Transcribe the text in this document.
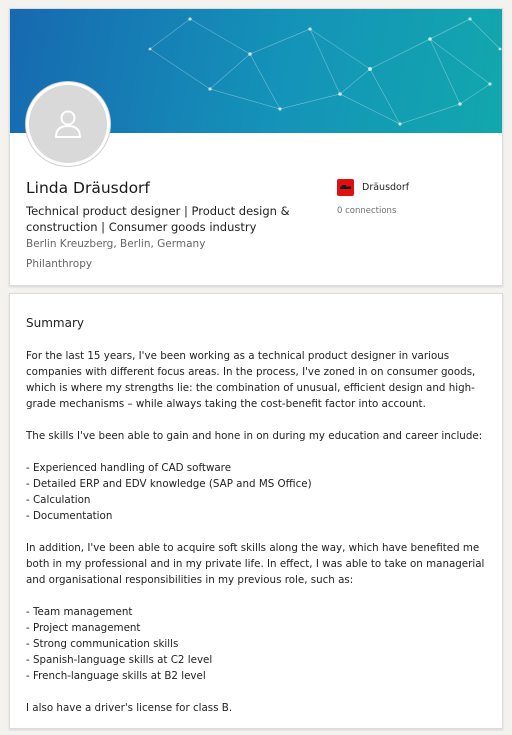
Linda Dräusdorf
Technical product designer | Product design & construction | Consumer goods industry
Berlin Kreuzberg, Berlin, Germany
Philanthropy
Dräusdorf
0 connections
Summary

For the last 15 years, I've been working as a technical product designer in various companies with different focus areas. In the process, I've zoned in on consumer goods, which is where my strengths lie: the combination of unusual, efficient design and high-grade mechanisms – while always taking the cost-benefit factor into account.

The skills I've been able to gain and hone in on during my education and career include:

- Experienced handling of CAD software

- Detailed ERP and EDV knowledge (SAP and MS Office)

- Calculation

- Documentation

In addition, I've been able to acquire soft skills along the way, which have benefited me both in my professional and in my private life. In effect, I was able to take on managerial and organisational responsibilities in my previous role, such as:

- Team management

- Project management

- Strong communication skills

- Spanish-language skills at C2 level

- French-language skills at B2 level

I also have a driver's license for class B.
